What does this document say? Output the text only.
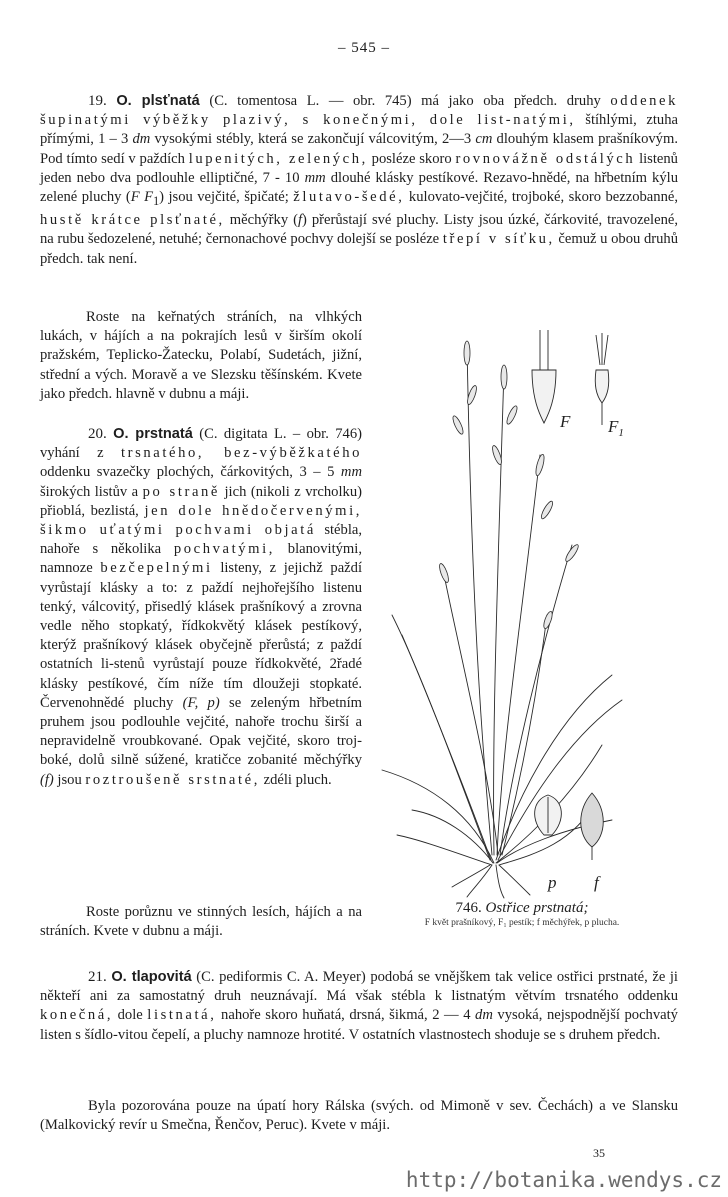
– 545 –

19. O. plsťnatá (C. tomentosa L. — obr. 745) má jako oba předch. druhy oddenek šupinatými výběžky plazivý, s konečnými, dole list-natými, štíhlými, ztuha přímými, 1 – 3 dm vysokými stébly, která se zakončují válcovitým, 2—3 cm dlouhým klasem prašníkovým. Pod tímto sedí v paždích lupenitých, zelených, posléze skoro rovnovážně odstálých listenů jeden nebo dva podlouhle elliptičné, 7 - 10 mm dlouhé klásky pestíkové. Rezavo-hnědé, na hřbetním kýlu zelené pluchy (F $F_1$) jsou vejčité, špičaté; žlutavo-šedé, kulovato-vejčité, trojboké, skoro bezzobanné, hustě krátce plsťnaté, měchýřky (f) přerůstají své pluchy. Listy jsou úzké, čárkovité, travozelené, na rubu šedozelené, netuhé; černonachové pochvy dolejší se posléze třepí v síťku, čemuž u obou druhů předch. tak není.

Roste na keřnatých stráních, na vlhkých lukách, v hájích a na pokrajích lesů v širším okolí pražském, Teplicko-Žatecku, Polabí, Sudetách, jižní, střední a vých. Moravě a ve Slezsku těšínském. Kvete jako předch. hlavně v dubnu a máji.

20. O. prstnatá (C. digitata L. – obr. 746) vyhání z trsnatého, bez-výběžkatého oddenku svazečky plochých, čárkovitých, 3 – 5 mm širokých listův a po straně jich (nikoli z vrcholku) přioblá, bezlistá, jen dole hnědočervenými, šikmo uťatými pochvami objatá stébla, nahoře s několika pochvatými, blanovitými, namnoze bezčepelnými listeny, z jejichž paždí vyrůstají klásky a to: z paždí nejhořejšího listenu tenký, válcovitý, přisedlý klásek prašníkový a zrovna vedle něho stopkatý, řídkokvětý klásek pestíkový, kterýž prašníkový klásek obyčejně přerůstá; z paždí ostatních li-stenů vyrůstají pouze řídkokvěté, 2řadé klásky pestíkové, čím níže tím dloužeji stopkaté. Červenohnědé pluchy (F, p) se zeleným hřbetním pruhem jsou podlouhle vejčité, nahoře trochu širší a nepravidelně vroubkované. Opak vejčité, skoro troj-boké, dolů silně súžené, kratičce zobanité měchýřky (f) jsou roztroušeně srstnaté, zdéli pluch.

Roste porůznu ve stinných lesích, hájích a na stráních. Kvete v dubnu a máji.

F $F_1$
p f
746. Ostřice prstnatá;
F květ prašníkový, F₁ pestík; f měchýřek, p plucha.

21. O. tlapovitá (C. pediformis C. A. Meyer) podobá se vnějškem tak velice ostřici prstnaté, že ji někteří ani za samostatný druh neuznávají. Má však stébla k listnatým větvím trsnatého oddenku konečná, dole listnatá, nahoře skoro huňatá, drsná, šikmá, 2 — 4 dm vysoká, nejspodnější pochvatý listen s šídlo-vitou čepelí, a pluchy namnoze hrotité. V ostatních vlastnostech shoduje se s druhem předch.

Byla pozorována pouze na úpatí hory Rálska (svých. od Mimoně v sev. Čechách) a ve Slansku (Malkovický revír u Smečna, Řenčov, Peruc). Kvete v máji.

35
http://botanika.wendys.cz
